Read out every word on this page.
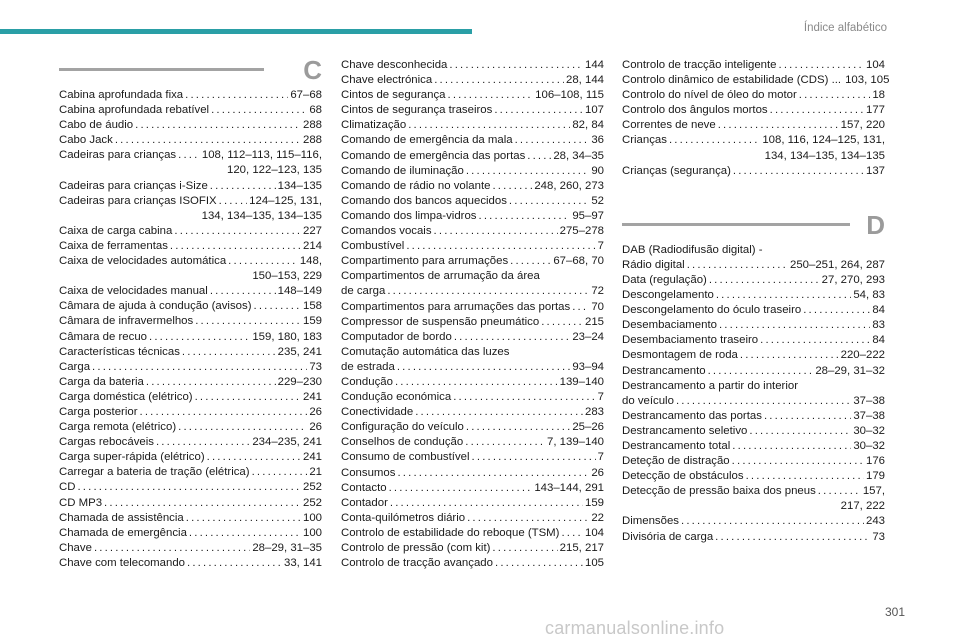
Índice alfabético
C
Cabina aprofundada fixa . . .	67–68
Cabina aprofundada rebatível . . .	68
Cabo de áudio . . .	288
Cabo Jack . . .	288
Cadeiras para crianças . . . 108, 112–113, 115–116,
120, 122–123, 135
Cadeiras para crianças i-Size . . .	134–135
Cadeiras para crianças ISOFIX . . .	124–125, 131,
134, 134–135, 134–135
Caixa de carga cabina . . .	227
Caixa de ferramentas . . .	214
Caixa de velocidades automática . . .	148,
150–153, 229
Caixa de velocidades manual . . .	148–149
Câmara de ajuda à condução (avisos) . . .	158
Câmara de infravermelhos . . .	159
Câmara de recuo . . .	159, 180, 183
Características técnicas . . .	235, 241
Carga . . .	73
Carga da bateria . . .	229–230
Carga doméstica (elétrico) . . .	241
Carga posterior . . .	26
Carga remota (elétrico) . . .	26
Cargas rebocáveis . . .	234–235, 241
Carga super-rápida (elétrico) . . .	241
Carregar a bateria de tração (elétrica) . . .	21
CD . . .	252
CD MP3 . . .	252
Chamada de assistência . . .	100
Chamada de emergência . . .	100
Chave . . .	28–29, 31–35
Chave com telecomando . . .	33, 141
Chave desconhecida . . .	144
Chave electrónica . . .	28, 144
Cintos de segurança . . .	106–108, 115
Cintos de segurança traseiros . . .	107
Climatização . . .	82, 84
Comando de emergência da mala . . .	36
Comando de emergência das portas . . . 28, 34–35
Comando de iluminação . . .	90
Comando de rádio no volante . . .	248, 260, 273
Comando dos bancos aquecidos . . .	52
Comando dos limpa-vidros . . .	95–97
Comandos vocais . . .	275–278
Combustível . . .	7
Compartimento para arrumações . . .	67–68, 70
Compartimentos de arrumação da área
de carga . . .	72
Compartimentos para arrumações das portas . . . 70
Compressor de suspensão pneumático . . .	215
Computador de bordo . . .	23–24
Comutação automática das luzes
de estrada . . .	93–94
Condução . . .	139–140
Condução económica . . .	7
Conectividade . . .	283
Configuração do veículo . . .	25–26
Conselhos de condução . . .	7, 139–140
Consumo de combustível . . .	7
Consumos . . .	26
Contacto . . .	143–144, 291
Contador . . .	159
Conta-quilómetros diário . . .	22
Controlo de estabilidade do reboque (TSM) . . . 104
Controlo de pressão (com kit) . . .	215, 217
Controlo de tracção avançado . . .	105
Controlo de tracção inteligente . . .	104
Controlo dinâmico de estabilidade (CDS) ... 103, 105
Controlo do nível de óleo do motor . . .	18
Controlo dos ângulos mortos . . .	177
Correntes de neve . . .	157, 220
Crianças . . .	108, 116, 124–125, 131,
134, 134–135, 134–135
Crianças (segurança) . . .	137
D
DAB (Radiodifusão digital) -
Rádio digital . . .	250–251, 264, 287
Data (regulação) . . .	27, 270, 293
Descongelamento . . .	54, 83
Descongelamento do óculo traseiro . . .	84
Desembaciamento . . .	83
Desembaciamento traseiro . . .	84
Desmontagem de roda . . .	220–222
Destrancamento . . .	28–29, 31–32
Destrancamento a partir do interior
do veículo . . .	37–38
Destrancamento das portas . . .	37–38
Destrancamento seletivo . . .	30–32
Destrancamento total . . .	30–32
Deteção de distração . . .	176
Detecção de obstáculos . . .	179
Detecção de pressão baixa dos pneus . . .	157,
217, 222
Dimensões . . .	243
Divisória de carga . . .	73
301
carmanualsonline.info
